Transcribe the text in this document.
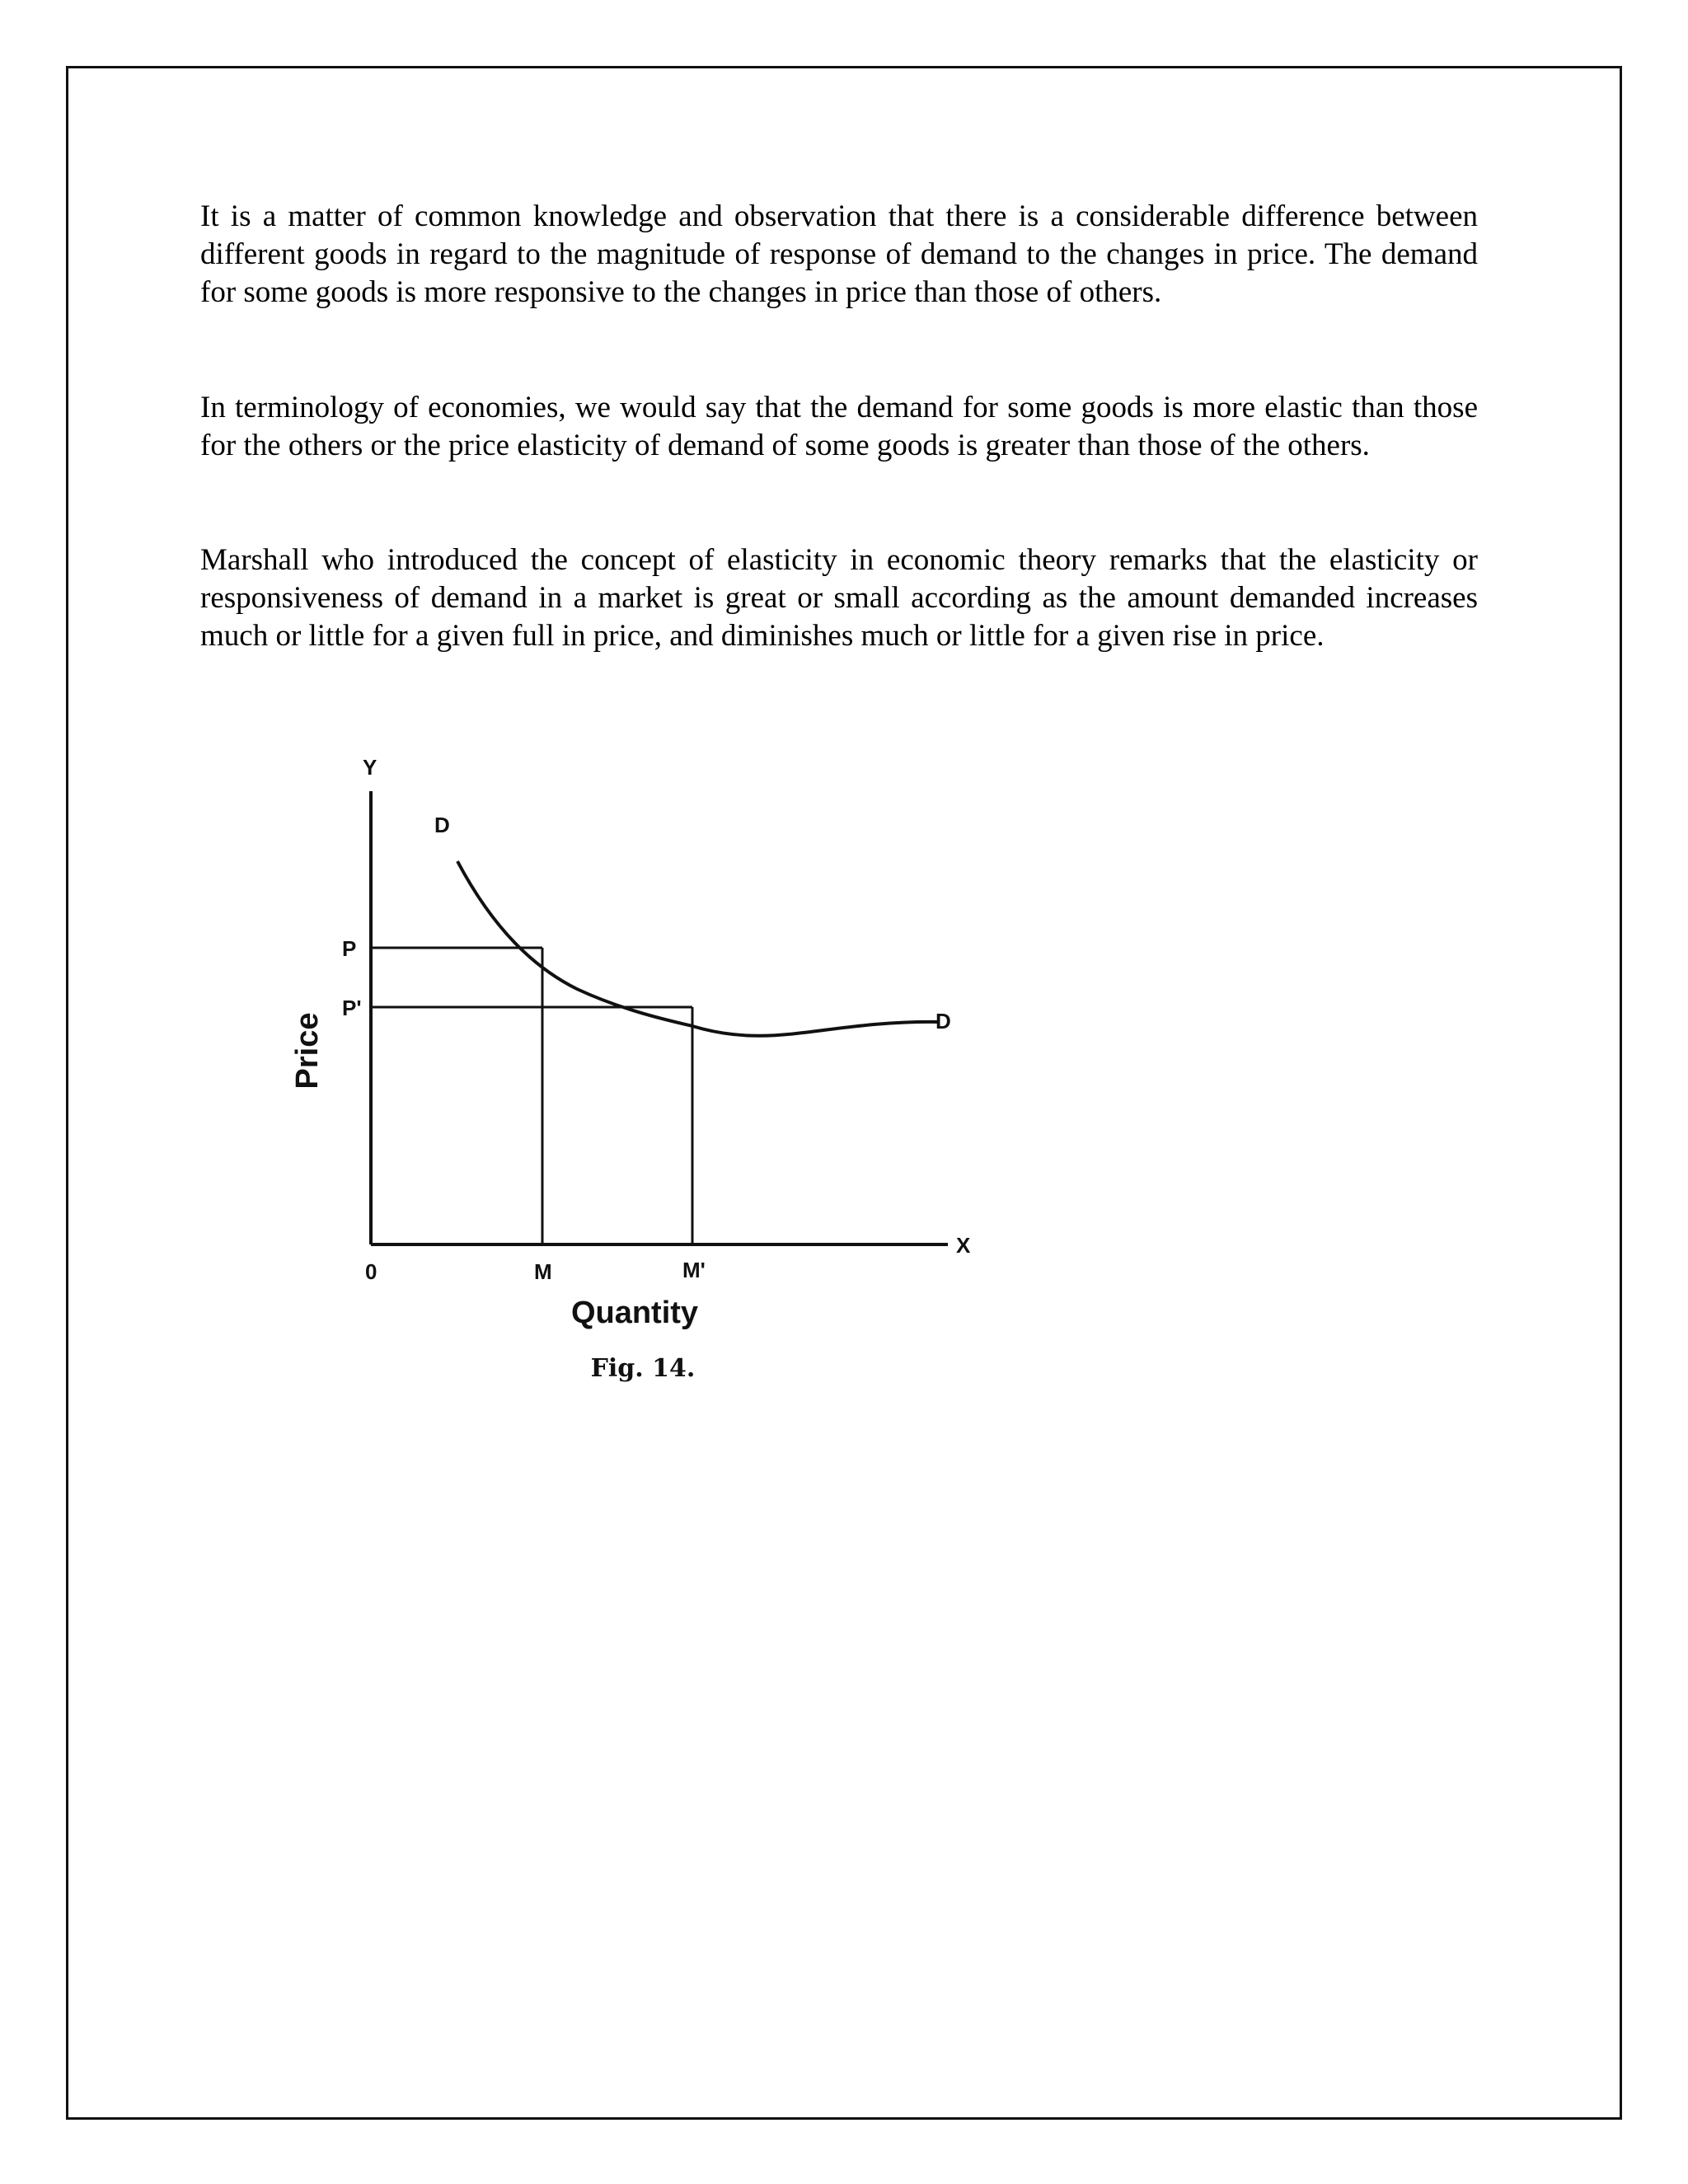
It is a matter of common knowledge and observation that there is a considerable difference between different goods in regard to the magnitude of response of demand to the changes in price. The demand for some goods is more responsive to the changes in price than those of others.

In terminology of economies, we would say that the demand for some goods is more elastic than those for the others or the price elasticity of demand of some goods is greater than those of the others.

Marshall who introduced the concept of elasticity in economic theory remarks that the elasticity or responsiveness of demand in a market is great or small according as the amount demanded increases much or little for a given full in price, and diminishes much or little for a given rise in price.

Y
X
0
D
D
P
P'
M	M'
Price
Quantity
Fig. 14.
